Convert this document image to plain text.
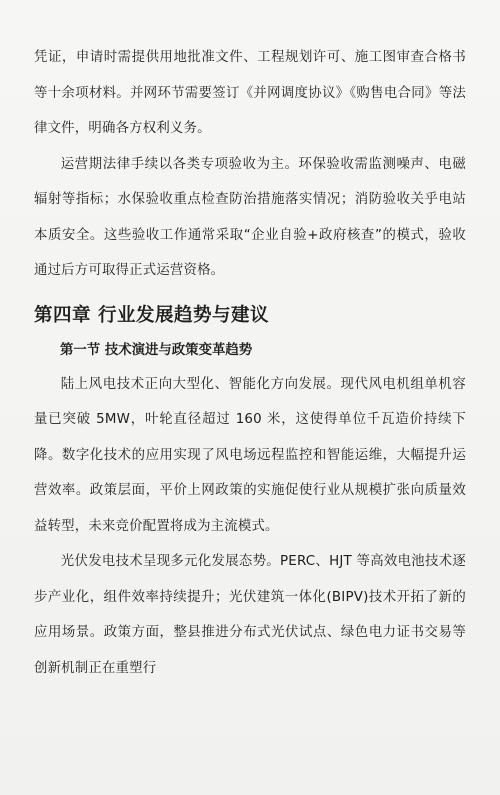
凭证，申请时需提供用地批准文件、工程规划许可、施工图审查合格书等十余项材料。并网环节需要签订《并网调度协议》《购售电合同》等法律文件，明确各方权利义务。

运营期法律手续以各类专项验收为主。环保验收需监测噪声、电磁辐射等指标；水保验收重点检查防治措施落实情况；消防验收关乎电站本质安全。这些验收工作通常采取“企业自验+政府核查”的模式，验收通过后方可取得正式运营资格。

第四章 行业发展趋势与建议
第一节 技术演进与政策变革趋势

陆上风电技术正向大型化、智能化方向发展。现代风电机组单机容量已突破 5MW，叶轮直径超过 160 米，这使得单位千瓦造价持续下降。数字化技术的应用实现了风电场远程监控和智能运维，大幅提升运营效率。政策层面，平价上网政策的实施促使行业从规模扩张向质量效益转型，未来竞价配置将成为主流模式。

光伏发电技术呈现多元化发展态势。PERC、HJT 等高效电池技术逐步产业化，组件效率持续提升；光伏建筑一体化(BIPV)技术开拓了新的应用场景。政策方面，整县推进分布式光伏试点、绿色电力证书交易等创新机制正在重塑行
